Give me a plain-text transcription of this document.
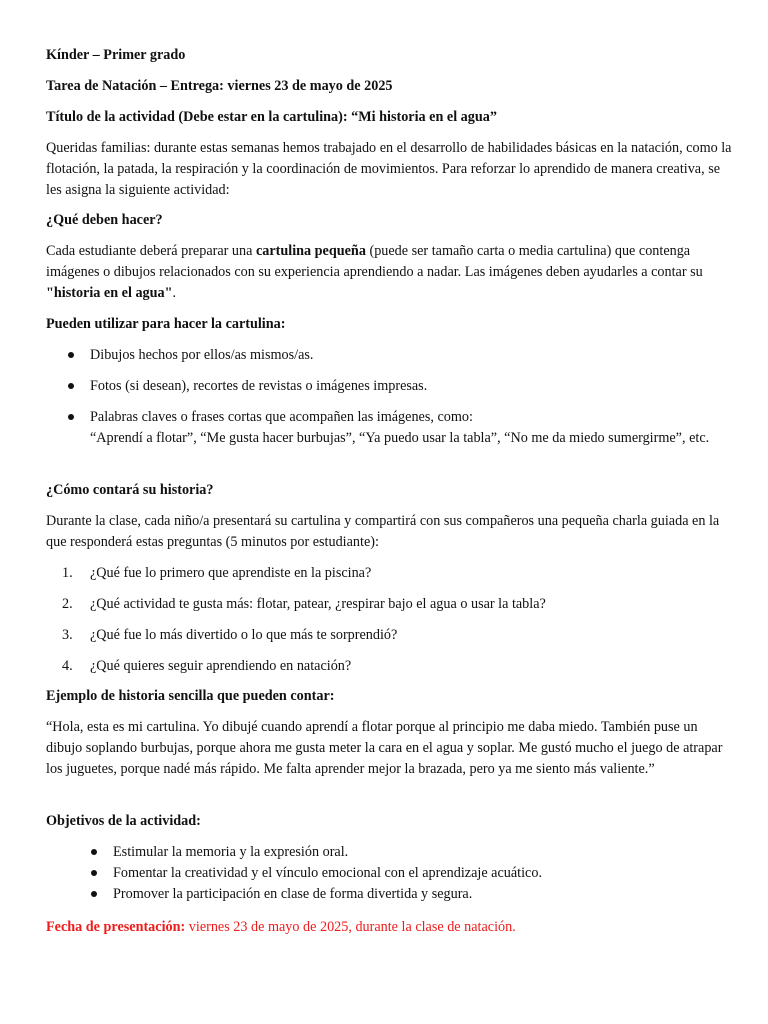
Kínder – Primer grado

Tarea de Natación – Entrega: viernes 23 de mayo de 2025

Título de la actividad (Debe estar en la cartulina): “Mi historia en el agua”

Queridas familias: durante estas semanas hemos trabajado en el desarrollo de habilidades básicas en la natación, como la flotación, la patada, la respiración y la coordinación de movimientos. Para reforzar lo aprendido de manera creativa, se les asigna la siguiente actividad:

¿Qué deben hacer?

Cada estudiante deberá preparar una cartulina pequeña (puede ser tamaño carta o media cartulina) que contenga imágenes o dibujos relacionados con su experiencia aprendiendo a nadar. Las imágenes deben ayudarles a contar su "historia en el agua".

Pueden utilizar para hacer la cartulina:

Dibujos hechos por ellos/as mismos/as.

Fotos (si desean), recortes de revistas o imágenes impresas.

Palabras claves o frases cortas que acompañen las imágenes, como:
“Aprendí a flotar”, “Me gusta hacer burbujas”, “Ya puedo usar la tabla”, “No me da miedo sumergirme”, etc.

¿Cómo contará su historia?

Durante la clase, cada niño/a presentará su cartulina y compartirá con sus compañeros una pequeña charla guiada en la que responderá estas preguntas (5 minutos por estudiante):

1.	¿Qué fue lo primero que aprendiste en la piscina?

2.	¿Qué actividad te gusta más: flotar, patear, ¿respirar bajo el agua o usar la tabla?

3.	¿Qué fue lo más divertido o lo que más te sorprendió?

4.	¿Qué quieres seguir aprendiendo en natación?

Ejemplo de historia sencilla que pueden contar:

“Hola, esta es mi cartulina. Yo dibujé cuando aprendí a flotar porque al principio me daba miedo. También puse un dibujo soplando burbujas, porque ahora me gusta meter la cara en el agua y soplar. Me gustó mucho el juego de atrapar los juguetes, porque nadé más rápido. Me falta aprender mejor la brazada, pero ya me siento más valiente.”

Objetivos de la actividad:

Estimular la memoria y la expresión oral.

Fomentar la creatividad y el vínculo emocional con el aprendizaje acuático.

Promover la participación en clase de forma divertida y segura.

Fecha de presentación: viernes 23 de mayo de 2025, durante la clase de natación.
